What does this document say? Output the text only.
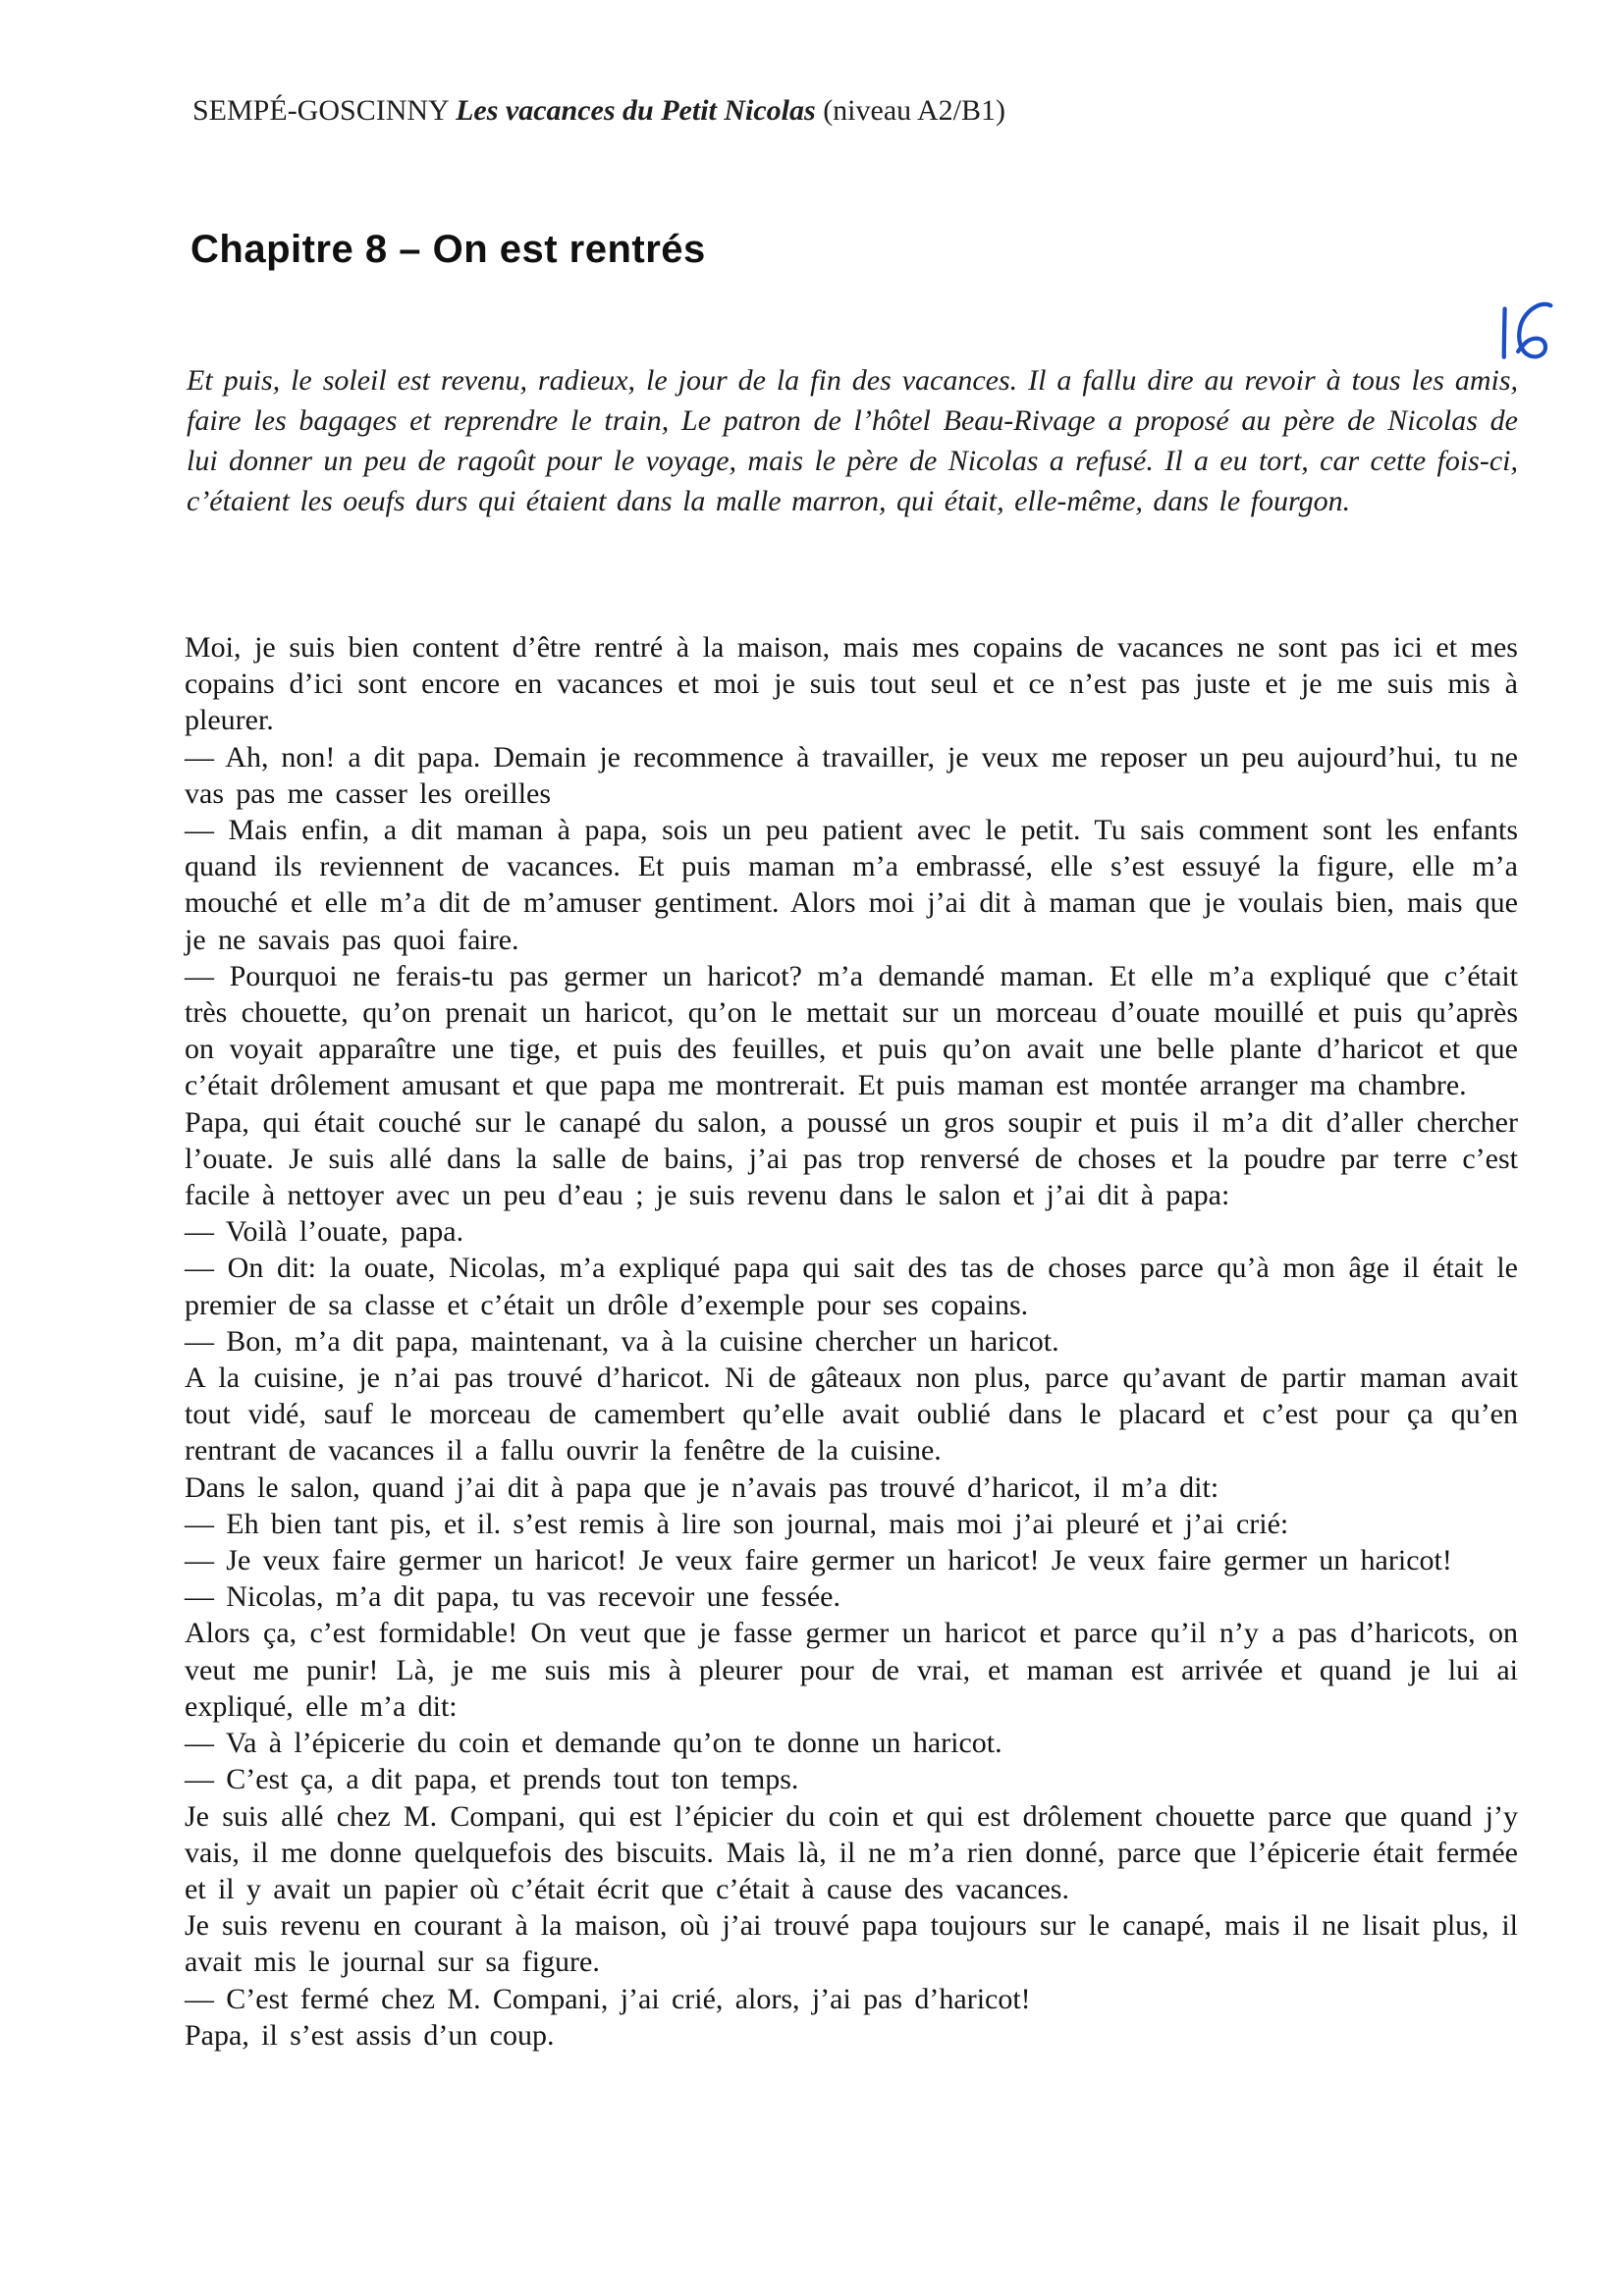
SEMPÉ-GOSCINNY Les vacances du Petit Nicolas (niveau A2/B1)
Chapitre 8 – On est rentrés

Et puis, le soleil est revenu, radieux, le jour de la fin des vacances. Il a fallu dire au revoir à tous les amis, faire les bagages et reprendre le train, Le patron de l’hôtel Beau-Rivage a proposé au père de Nicolas de lui donner un peu de ragoût pour le voyage, mais le père de Nicolas a refusé. Il a eu tort, car cette fois-ci, c’étaient les oeufs durs qui étaient dans la malle marron, qui était, elle-même, dans le fourgon.

Moi, je suis bien content d’être rentré à la maison, mais mes copains de vacances ne sont pas ici et mes copains d’ici sont encore en vacances et moi je suis tout seul et ce n’est pas juste et je me suis mis à pleurer.

— Ah, non! a dit papa. Demain je recommence à travailler, je veux me reposer un peu aujourd’hui, tu ne vas pas me casser les oreilles

— Mais enfin, a dit maman à papa, sois un peu patient avec le petit. Tu sais comment sont les enfants quand ils reviennent de vacances. Et puis maman m’a embrassé, elle s’est essuyé la figure, elle m’a mouché et elle m’a dit de m’amuser gentiment. Alors moi j’ai dit à maman que je voulais bien, mais que je ne savais pas quoi faire.

— Pourquoi ne ferais-tu pas germer un haricot? m’a demandé maman. Et elle m’a expliqué que c’était très chouette, qu’on prenait un haricot, qu’on le mettait sur un morceau d’ouate mouillé et puis qu’après on voyait apparaître une tige, et puis des feuilles, et puis qu’on avait une belle plante d’haricot et que c’était drôlement amusant et que papa me montrerait. Et puis maman est montée arranger ma chambre.

Papa, qui était couché sur le canapé du salon, a poussé un gros soupir et puis il m’a dit d’aller chercher l’ouate. Je suis allé dans la salle de bains, j’ai pas trop renversé de choses et la poudre par terre c’est facile à nettoyer avec un peu d’eau ; je suis revenu dans le salon et j’ai dit à papa:

— Voilà l’ouate, papa.

— On dit: la ouate, Nicolas, m’a expliqué papa qui sait des tas de choses parce qu’à mon âge il était le premier de sa classe et c’était un drôle d’exemple pour ses copains.

— Bon, m’a dit papa, maintenant, va à la cuisine chercher un haricot.

A la cuisine, je n’ai pas trouvé d’haricot. Ni de gâteaux non plus, parce qu’avant de partir maman avait tout vidé, sauf le morceau de camembert qu’elle avait oublié dans le placard et c’est pour ça qu’en rentrant de vacances il a fallu ouvrir la fenêtre de la cuisine.

Dans le salon, quand j’ai dit à papa que je n’avais pas trouvé d’haricot, il m’a dit:

— Eh bien tant pis, et il. s’est remis à lire son journal, mais moi j’ai pleuré et j’ai crié:

— Je veux faire germer un haricot! Je veux faire germer un haricot! Je veux faire germer un haricot!

— Nicolas, m’a dit papa, tu vas recevoir une fessée.

Alors ça, c’est formidable! On veut que je fasse germer un haricot et parce qu’il n’y a pas d’haricots, on veut me punir! Là, je me suis mis à pleurer pour de vrai, et maman est arrivée et quand je lui ai expliqué, elle m’a dit:

— Va à l’épicerie du coin et demande qu’on te donne un haricot.

— C’est ça, a dit papa, et prends tout ton temps.

Je suis allé chez M. Compani, qui est l’épicier du coin et qui est drôlement chouette parce que quand j’y vais, il me donne quelquefois des biscuits. Mais là, il ne m’a rien donné, parce que l’épicerie était fermée et il y avait un papier où c’était écrit que c’était à cause des vacances.

Je suis revenu en courant à la maison, où j’ai trouvé papa toujours sur le canapé, mais il ne lisait plus, il avait mis le journal sur sa figure.

— C’est fermé chez M. Compani, j’ai crié, alors, j’ai pas d’haricot!

Papa, il s’est assis d’un coup.
